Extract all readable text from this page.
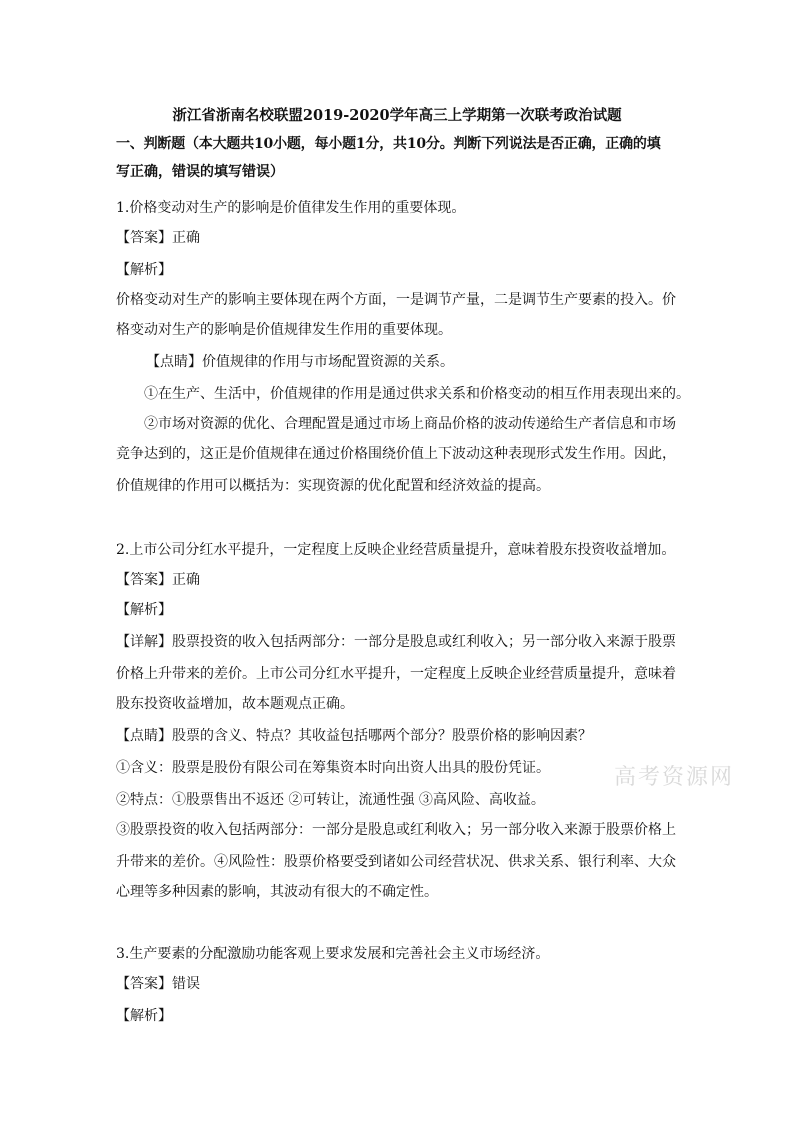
浙江省浙南名校联盟2019-2020学年高三上学期第一次联考政治试题
一、判断题（本大题共10小题，每小题1分，共10分。判断下列说法是否正确，正确的填
写正确，错误的填写错误）
1.价格变动对生产的影响是价值律发生作用的重要体现。
【答案】正确
【解析】
价格变动对生产的影响主要体现在两个方面，一是调节产量，二是调节生产要素的投入。价
格变动对生产的影响是价值规律发生作用的重要体现。
【点睛】价值规律的作用与市场配置资源的关系。
①在生产、生活中，价值规律的作用是通过供求关系和价格变动的相互作用表现出来的。
②市场对资源的优化、合理配置是通过市场上商品价格的波动传递给生产者信息和市场
竞争达到的，这正是价值规律在通过价格围绕价值上下波动这种表现形式发生作用。因此，
价值规律的作用可以概括为：实现资源的优化配置和经济效益的提高。
2.上市公司分红水平提升，一定程度上反映企业经营质量提升，意味着股东投资收益增加。
【答案】正确
【解析】
【详解】股票投资的收入包括两部分：一部分是股息或红利收入；另一部分收入来源于股票
价格上升带来的差价。上市公司分红水平提升，一定程度上反映企业经营质量提升，意味着
股东投资收益增加，故本题观点正确。
【点睛】股票的含义、特点？其收益包括哪两个部分？股票价格的影响因素？
①含义：股票是股份有限公司在筹集资本时向出资人出具的股份凭证。
②特点：①股票售出不返还 ②可转让，流通性强 ③高风险、高收益。
③股票投资的收入包括两部分：一部分是股息或红利收入；另一部分收入来源于股票价格上
升带来的差价。④风险性：股票价格要受到诸如公司经营状况、供求关系、银行利率、大众
心理等多种因素的影响，其波动有很大的不确定性。
3.生产要素的分配激励功能客观上要求发展和完善社会主义市场经济。
【答案】错误
【解析】
高考资源网
